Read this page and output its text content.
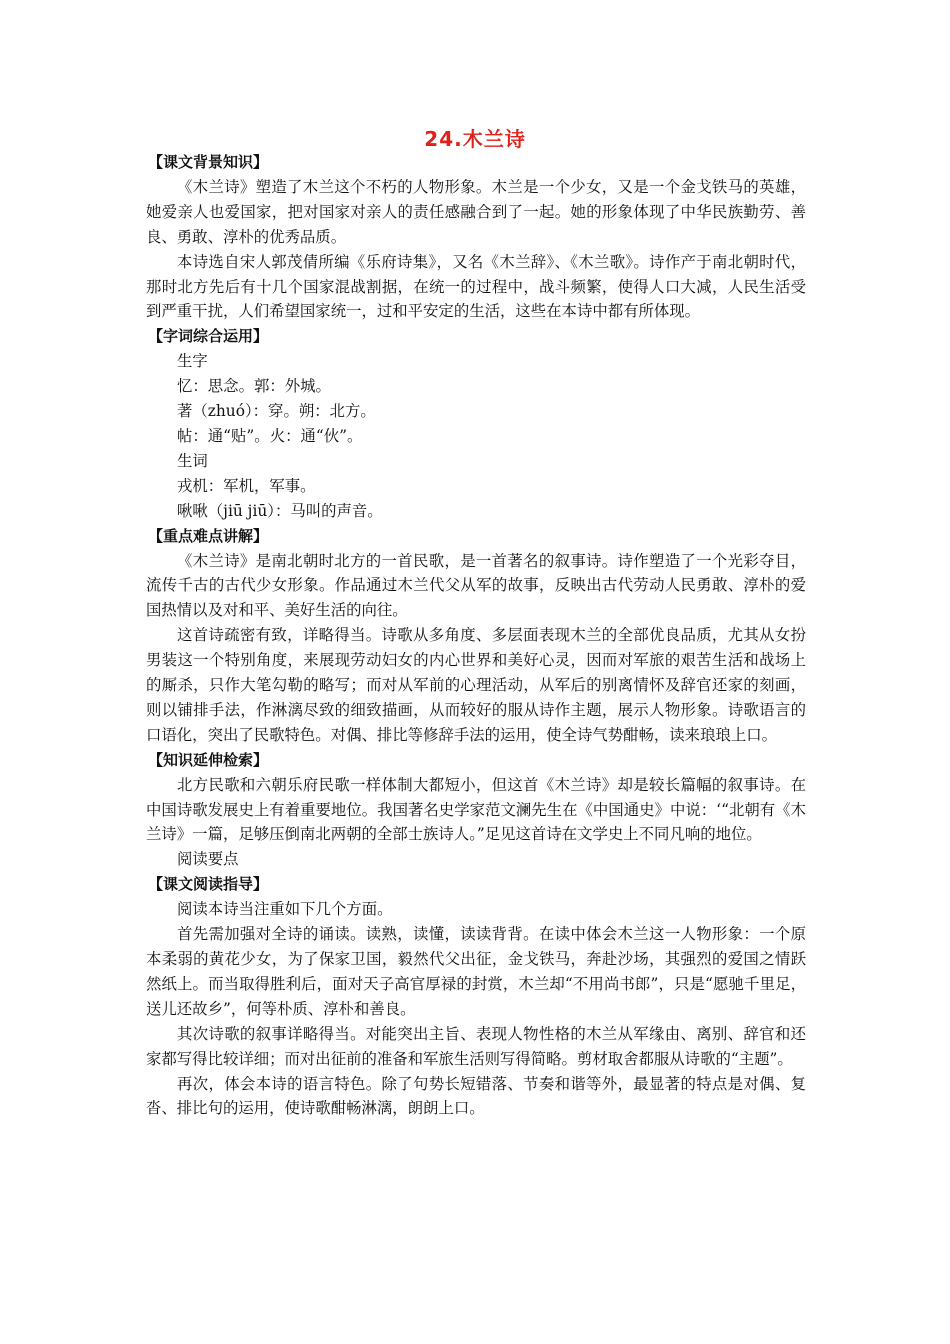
24.木兰诗

【课文背景知识】

《木兰诗》塑造了木兰这个不朽的人物形象。木兰是一个少女，又是一个金戈铁马的英雄，她爱亲人也爱国家，把对国家对亲人的责任感融合到了一起。她的形象体现了中华民族勤劳、善良、勇敢、淳朴的优秀品质。

本诗选自宋人郭茂倩所编《乐府诗集》，又名《木兰辞》、《木兰歌》。诗作产于南北朝时代，那时北方先后有十几个国家混战割据，在统一的过程中，战斗频繁，使得人口大减，人民生活受到严重干扰，人们希望国家统一，过和平安定的生活，这些在本诗中都有所体现。

【字词综合运用】

生字

忆：思念。郭：外城。

著（zhuó）：穿。朔：北方。

帖：通“贴”。火：通“伙”。

生词

戎机：军机，军事。

啾啾（jiū jiū）：马叫的声音。

【重点难点讲解】

《木兰诗》是南北朝时北方的一首民歌，是一首著名的叙事诗。诗作塑造了一个光彩夺目，流传千古的古代少女形象。作品通过木兰代父从军的故事，反映出古代劳动人民勇敢、淳朴的爱国热情以及对和平、美好生活的向往。

这首诗疏密有致，详略得当。诗歌从多角度、多层面表现木兰的全部优良品质，尤其从女扮男装这一个特别角度，来展现劳动妇女的内心世界和美好心灵，因而对军旅的艰苦生活和战场上的厮杀，只作大笔勾勒的略写；而对从军前的心理活动，从军后的别离情怀及辞官还家的刻画，则以铺排手法，作淋漓尽致的细致描画，从而较好的服从诗作主题，展示人物形象。诗歌语言的口语化，突出了民歌特色。对偶、排比等修辞手法的运用，使全诗气势酣畅，读来琅琅上口。

【知识延伸检索】

北方民歌和六朝乐府民歌一样体制大都短小，但这首《木兰诗》却是较长篇幅的叙事诗。在中国诗歌发展史上有着重要地位。我国著名史学家范文澜先生在《中国通史》中说：‘“北朝有《木兰诗》一篇，足够压倒南北两朝的全部士族诗人。”足见这首诗在文学史上不同凡响的地位。

阅读要点

【课文阅读指导】

阅读本诗当注重如下几个方面。

首先需加强对全诗的诵读。读熟，读懂，读读背背。在读中体会木兰这一人物形象：一个原本柔弱的黄花少女，为了保家卫国，毅然代父出征，金戈铁马，奔赴沙场，其强烈的爱国之情跃然纸上。而当取得胜利后，面对天子高官厚禄的封赏，木兰却“不用尚书郎”，只是“愿驰千里足，送儿还故乡”，何等朴质、淳朴和善良。

其次诗歌的叙事详略得当。对能突出主旨、表现人物性格的木兰从军缘由、离别、辞官和还家都写得比较详细；而对出征前的准备和军旅生活则写得简略。剪材取舍都服从诗歌的“主题”。

再次，体会本诗的语言特色。除了句势长短错落、节奏和谐等外，最显著的特点是对偶、复沓、排比句的运用，使诗歌酣畅淋漓，朗朗上口。
